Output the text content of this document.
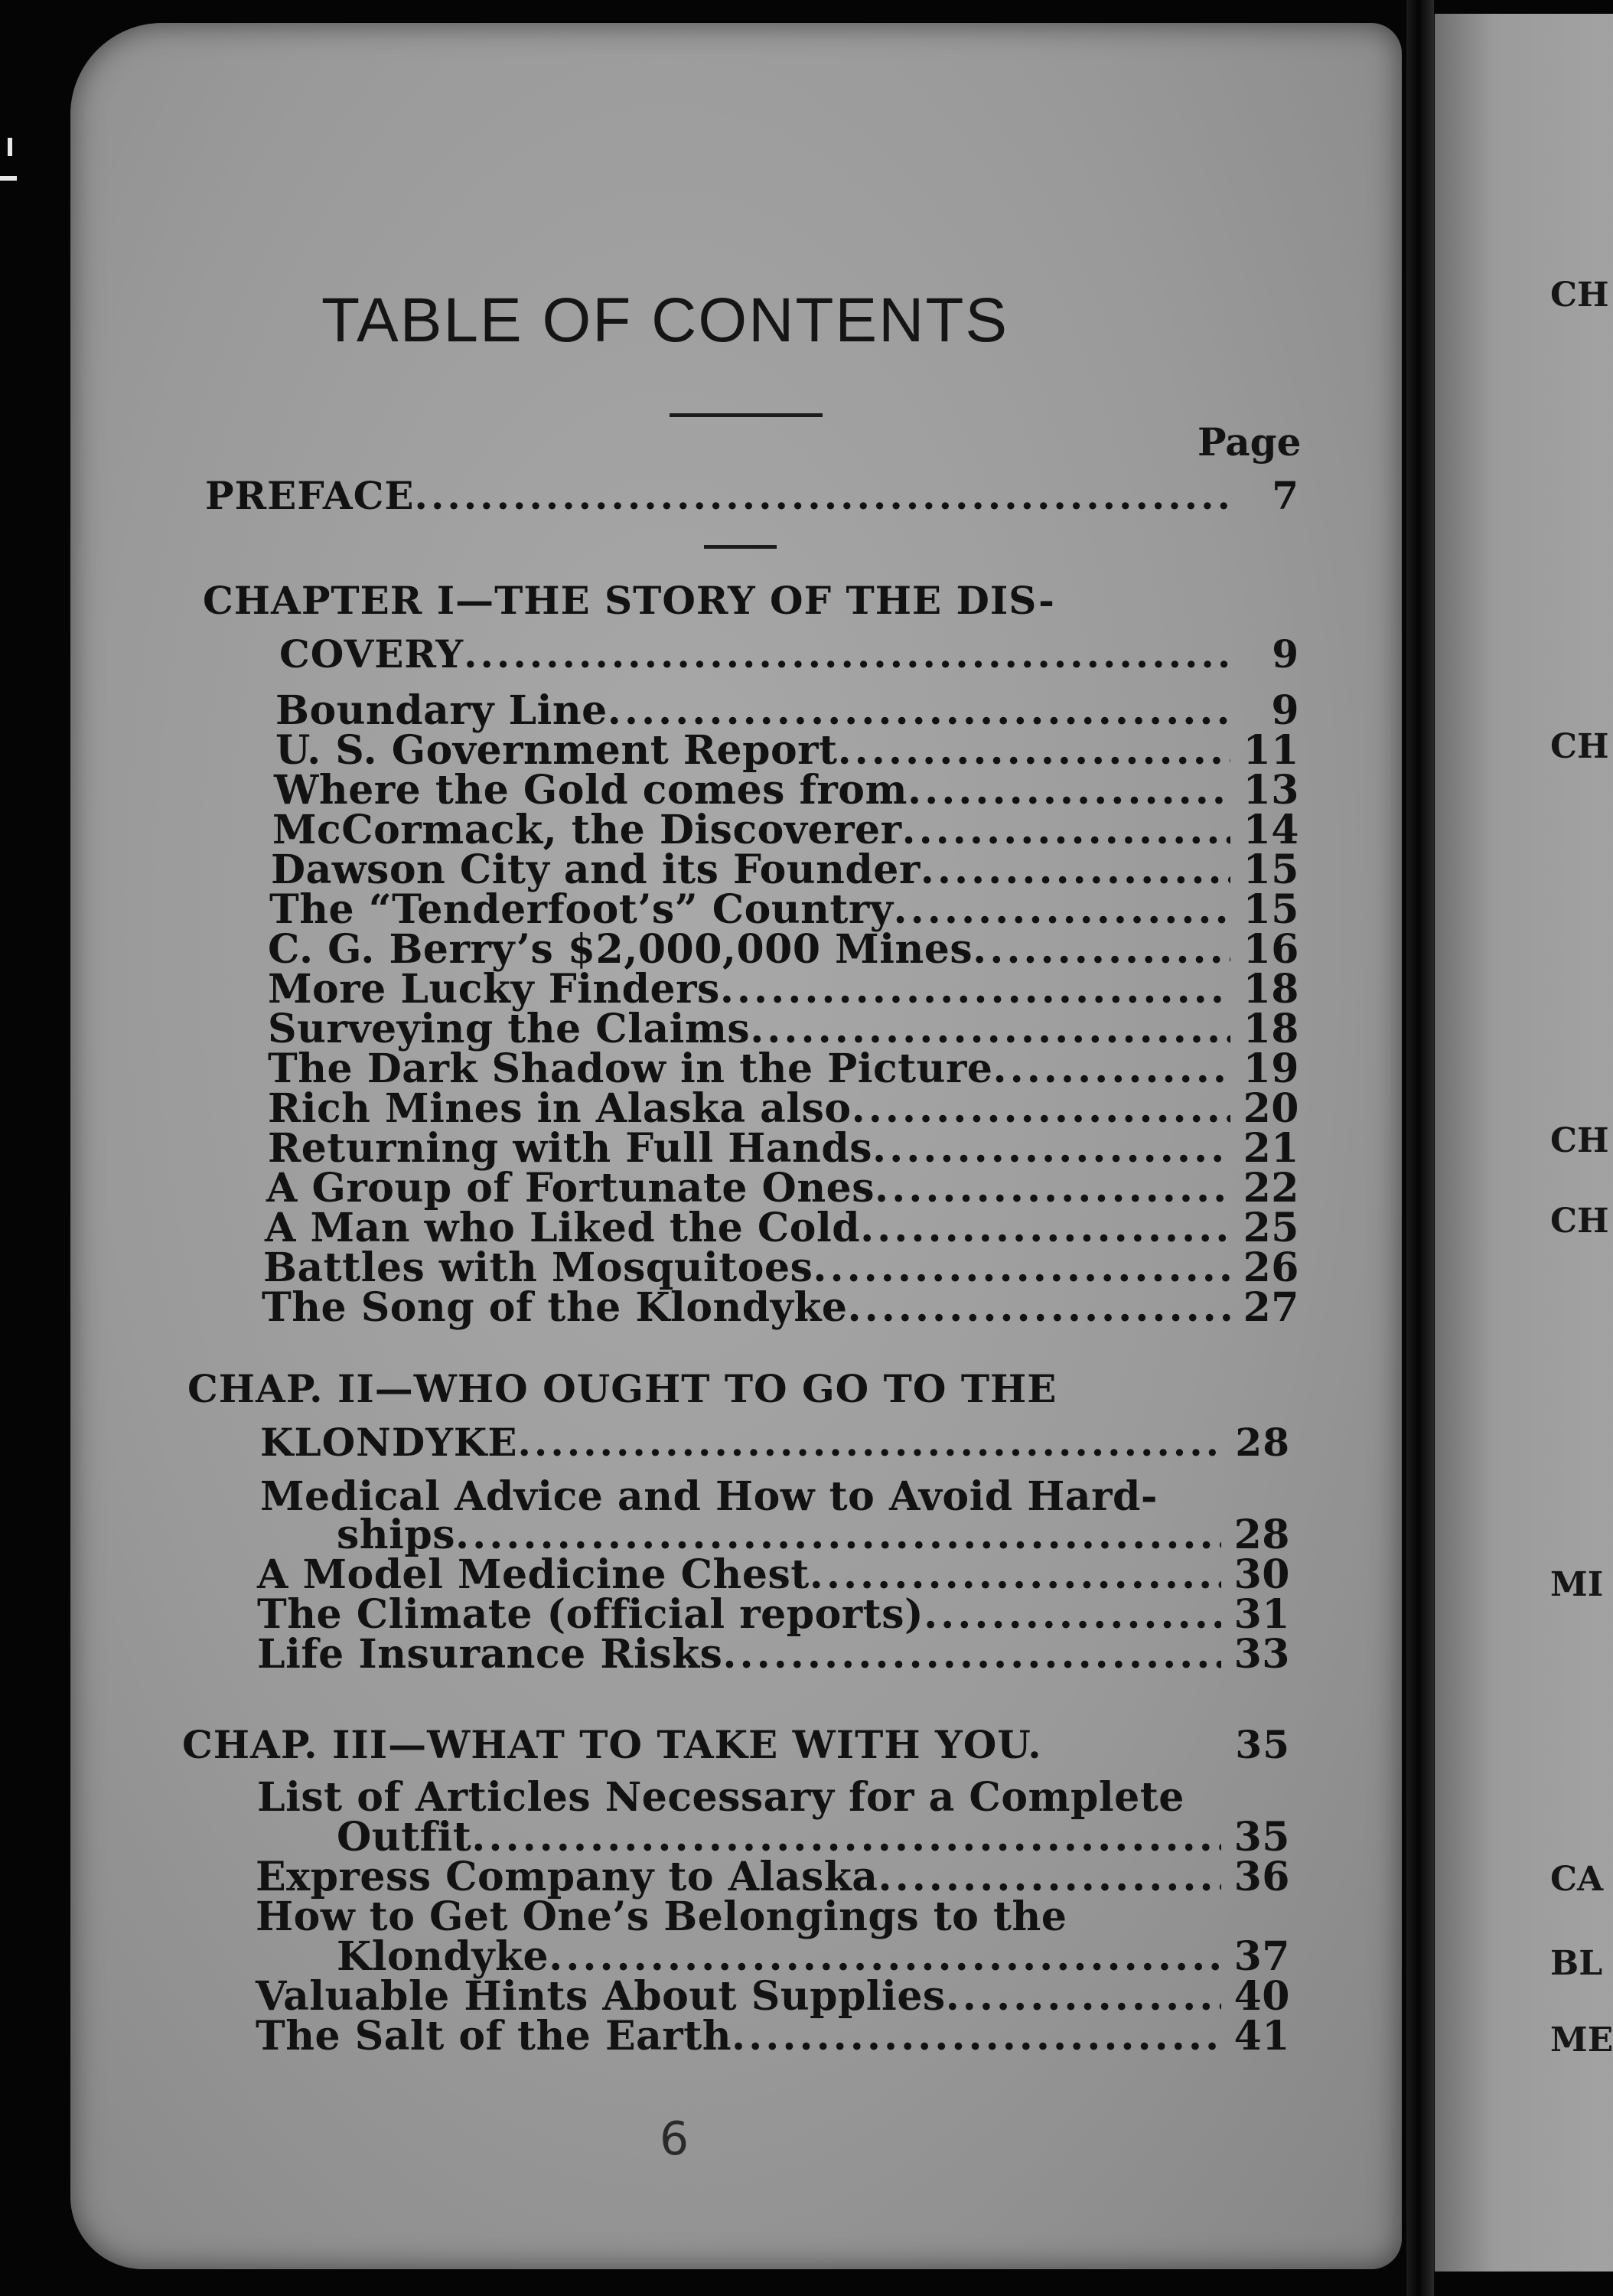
TABLE OF CONTENTS
Page
PREFACE .....	7
CHAPTER I—THE STORY OF THE DIS-
COVERY .....	9
Boundary Line .....	9
U. S. Government Report .....	11
Where the Gold comes from .....	13
McCormack, the Discoverer .....	14
Dawson City and its Founder .....	15
The “Tenderfoot’s” Country .....	15
C. G. Berry’s $2,000,000 Mines .....	16
More Lucky Finders .....	18
Surveying the Claims .....	18
The Dark Shadow in the Picture .....	19
Rich Mines in Alaska also .....	20
Returning with Full Hands .....	21
A Group of Fortunate Ones .....	22
A Man who Liked the Cold .....	25
Battles with Mosquitoes .....	26
The Song of the Klondyke .....	27
CHAP. II—WHO OUGHT TO GO TO THE
KLONDYKE .....	28
Medical Advice and How to Avoid Hard-
ships .....	28
A Model Medicine Chest .....	30
The Climate (official reports) .....	31
Life Insurance Risks .....	33
CHAP. III—WHAT TO TAKE WITH YOU.	35
List of Articles Necessary for a Complete
Outfit .....	35
Express Company to Alaska .....	36
How to Get One’s Belongings to the
Klondyke .....	37
Valuable Hints About Supplies .....	40
The Salt of the Earth .....	41
6
CH
CH
CH
CH
MI
CA
BL
ME
